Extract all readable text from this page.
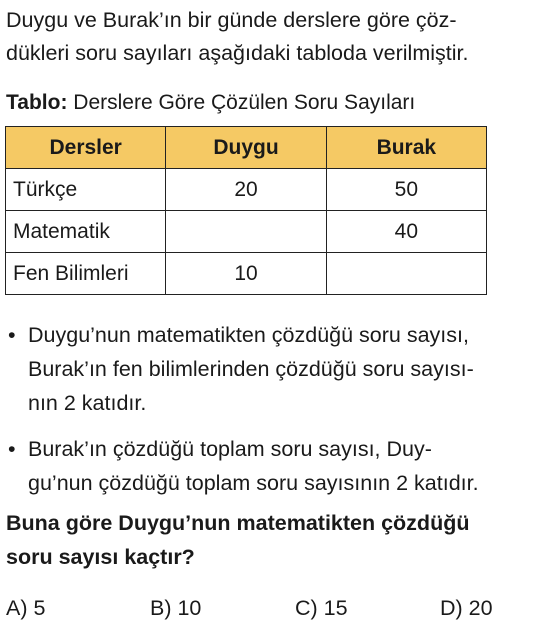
Duygu ve Burak’ın bir günde derslere göre çöz-
dükleri soru sayıları aşağıdaki tabloda verilmiştir.

Tablo: Derslere Göre Çözülen Soru Sayıları
Dersler	Duygu	Burak
Türkçe	20	50
Matematik		40
Fen Bilimleri	10	
• Duygu’nun matematikten çözdüğü soru sayısı,
Burak’ın fen bilimlerinden çözdüğü soru sayısı-
nın 2 katıdır.
• Burak’ın çözdüğü toplam soru sayısı, Duy-
gu’nun çözdüğü toplam soru sayısının 2 katıdır.
Buna göre Duygu’nun matematikten çözdüğü
soru sayısı kaçtır?
A) 5	B) 10	C) 15	D) 20
